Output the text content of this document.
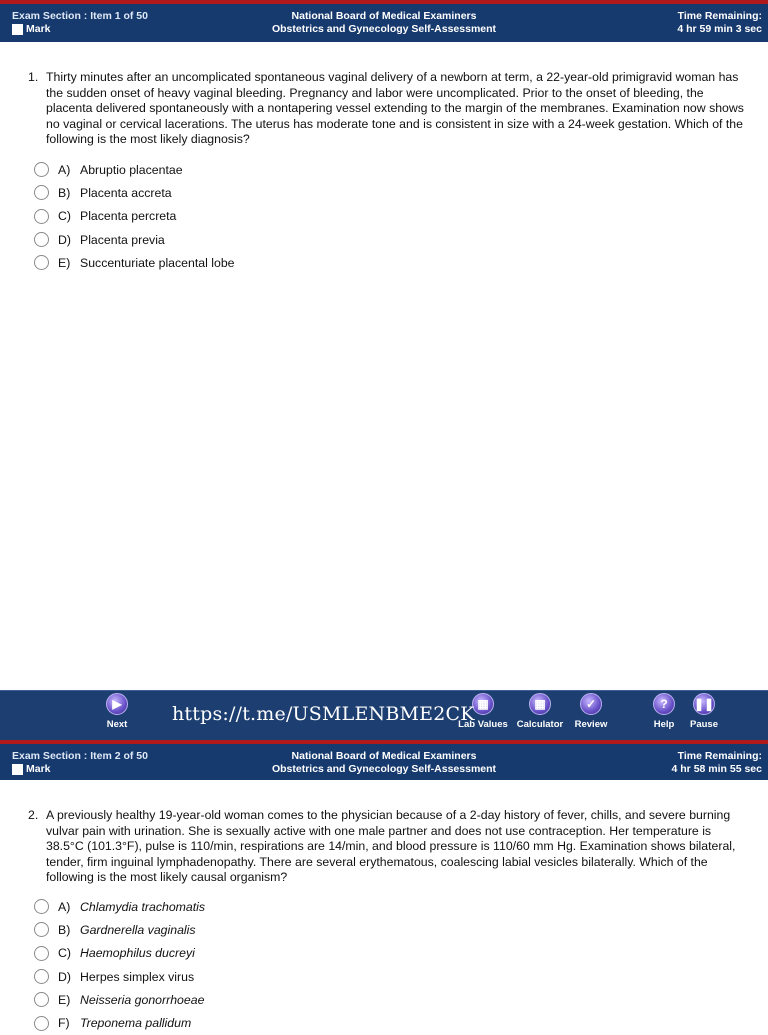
Exam Section : Item 1 of 50
Mark
National Board of Medical Examiners
Obstetrics and Gynecology Self-Assessment
Time Remaining:
4 hr 59 min 3 sec
1. Thirty minutes after an uncomplicated spontaneous vaginal delivery of a newborn at term, a 22-year-old primigravid woman has the sudden onset of heavy vaginal bleeding. Pregnancy and labor were uncomplicated. Prior to the onset of bleeding, the placenta delivered spontaneously with a nontapering vessel extending to the margin of the membranes. Examination now shows no vaginal or cervical lacerations. The uterus has moderate tone and is consistent in size with a 24-week gestation. Which of the following is the most likely diagnosis?
A) Abruptio placentae
B) Placenta accreta
C) Placenta percreta
D) Placenta previa
E) Succenturiate placental lobe
▶
Next
▦
Lab Values
▦
Calculator
✓
Review
?
Help
❚❚
Pause
https://t.me/USMLENBME2CK
Exam Section : Item 2 of 50
Mark
National Board of Medical Examiners
Obstetrics and Gynecology Self-Assessment
Time Remaining:
4 hr 58 min 55 sec
2. A previously healthy 19-year-old woman comes to the physician because of a 2-day history of fever, chills, and severe burning vulvar pain with urination. She is sexually active with one male partner and does not use contraception. Her temperature is 38.5°C (101.3°F), pulse is 110/min, respirations are 14/min, and blood pressure is 110/60 mm Hg. Examination shows bilateral, tender, firm inguinal lymphadenopathy. There are several erythematous, coalescing labial vesicles bilaterally. Which of the following is the most likely causal organism?
A) Chlamydia trachomatis
B) Gardnerella vaginalis
C) Haemophilus ducreyi
D) Herpes simplex virus
E) Neisseria gonorrhoeae
F) Treponema pallidum
